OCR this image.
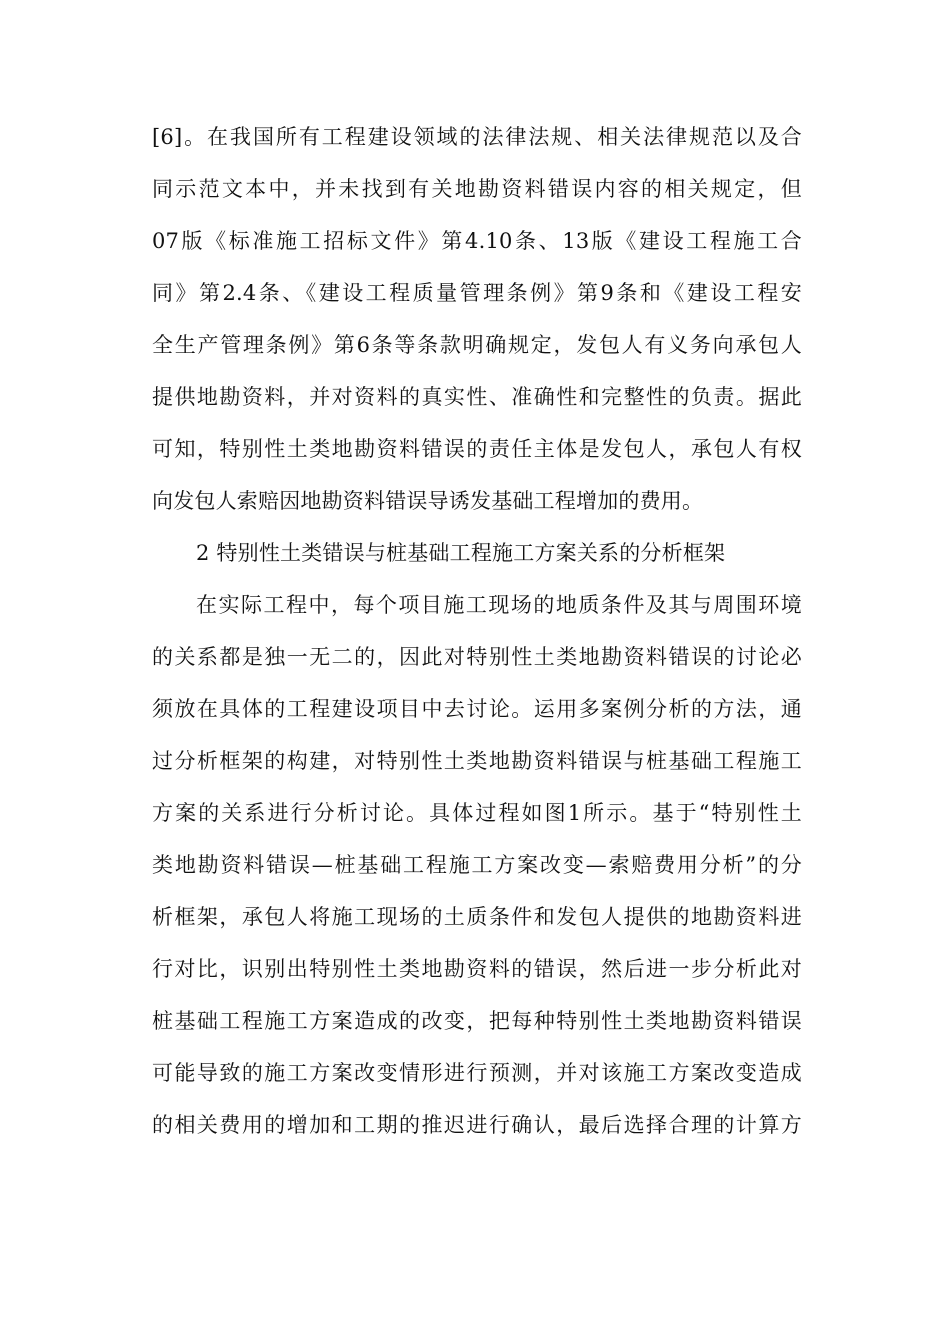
[6]。在我国所有工程建设领域的法律法规、相关法律规范以及合
同示范文本中，并未找到有关地勘资料错误内容的相关规定，但
07版《标准施工招标文件》第4.10条、13版《建设工程施工合
同》第2.4条、《建设工程质量管理条例》第9条和《建设工程安
全生产管理条例》第6条等条款明确规定，发包人有义务向承包人
提供地勘资料，并对资料的真实性、准确性和完整性的负责。据此
可知，特别性土类地勘资料错误的责任主体是发包人，承包人有权
向发包人索赔因地勘资料错误导诱发基础工程增加的费用。
2 特别性土类错误与桩基础工程施工方案关系的分析框架
在实际工程中，每个项目施工现场的地质条件及其与周围环境
的关系都是独一无二的，因此对特别性土类地勘资料错误的讨论必
须放在具体的工程建设项目中去讨论。运用多案例分析的方法，通
过分析框架的构建，对特别性土类地勘资料错误与桩基础工程施工
方案的关系进行分析讨论。具体过程如图1所示。基于“特别性土
类地勘资料错误—桩基础工程施工方案改变—索赔费用分析”的分
析框架，承包人将施工现场的土质条件和发包人提供的地勘资料进
行对比，识别出特别性土类地勘资料的错误，然后进一步分析此对
桩基础工程施工方案造成的改变，把每种特别性土类地勘资料错误
可能导致的施工方案改变情形进行预测，并对该施工方案改变造成
的相关费用的增加和工期的推迟进行确认，最后选择合理的计算方
